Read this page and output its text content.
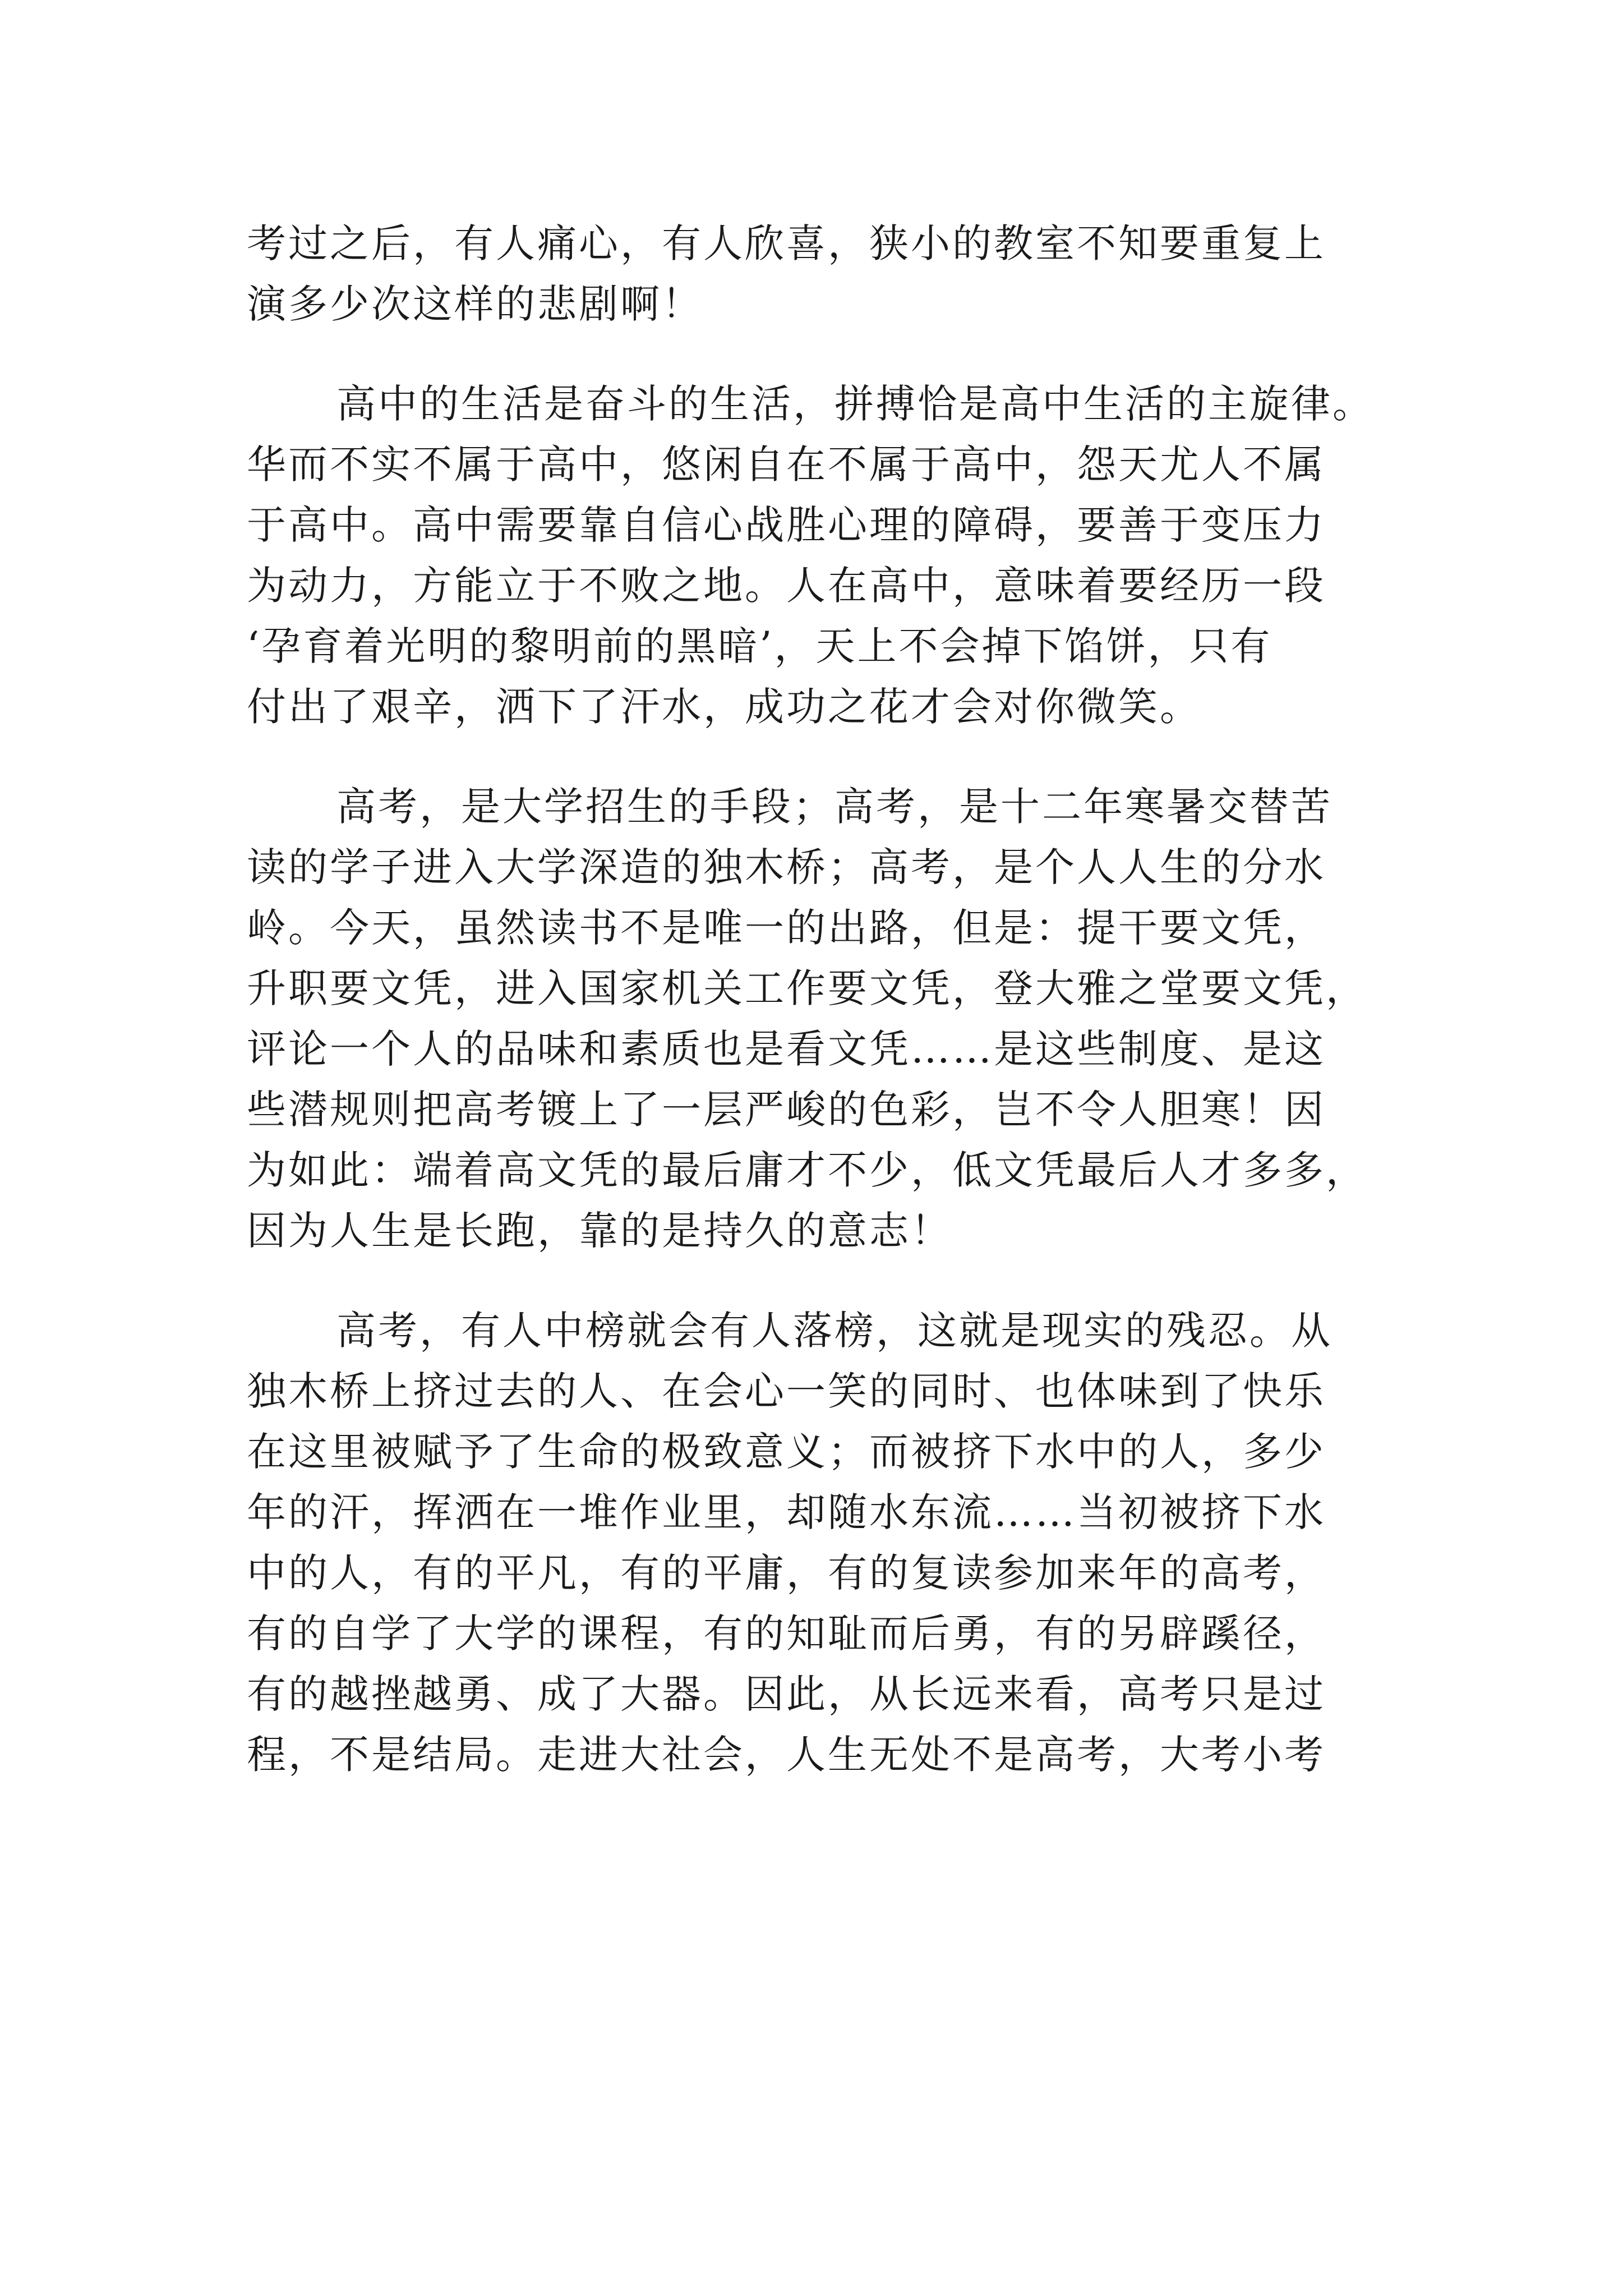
考过之后，有人痛心，有人欣喜，狭小的教室不知要重复上
演多少次这样的悲剧啊！
高中的生活是奋斗的生活，拼搏恰是高中生活的主旋律。
华而不实不属于高中，悠闲自在不属于高中，怨天尤人不属
于高中。高中需要靠自信心战胜心理的障碍，要善于变压力
为动力，方能立于不败之地。人在高中，意味着要经历一段
‘孕育着光明的黎明前的黑暗’，天上不会掉下馅饼，只有
付出了艰辛，洒下了汗水，成功之花才会对你微笑。
高考，是大学招生的手段；高考，是十二年寒暑交替苦
读的学子进入大学深造的独木桥；高考，是个人人生的分水
岭。今天，虽然读书不是唯一的出路，但是：提干要文凭，
升职要文凭，进入国家机关工作要文凭，登大雅之堂要文凭，
评论一个人的品味和素质也是看文凭……是这些制度、是这
些潜规则把高考镀上了一层严峻的色彩，岂不令人胆寒！因
为如此：端着高文凭的最后庸才不少，低文凭最后人才多多，
因为人生是长跑，靠的是持久的意志！
高考，有人中榜就会有人落榜，这就是现实的残忍。从
独木桥上挤过去的人、在会心一笑的同时、也体味到了快乐
在这里被赋予了生命的极致意义；而被挤下水中的人，多少
年的汗，挥洒在一堆作业里，却随水东流……当初被挤下水
中的人，有的平凡，有的平庸，有的复读参加来年的高考，
有的自学了大学的课程，有的知耻而后勇，有的另辟蹊径，
有的越挫越勇、成了大器。因此，从长远来看，高考只是过
程，不是结局。走进大社会，人生无处不是高考，大考小考
